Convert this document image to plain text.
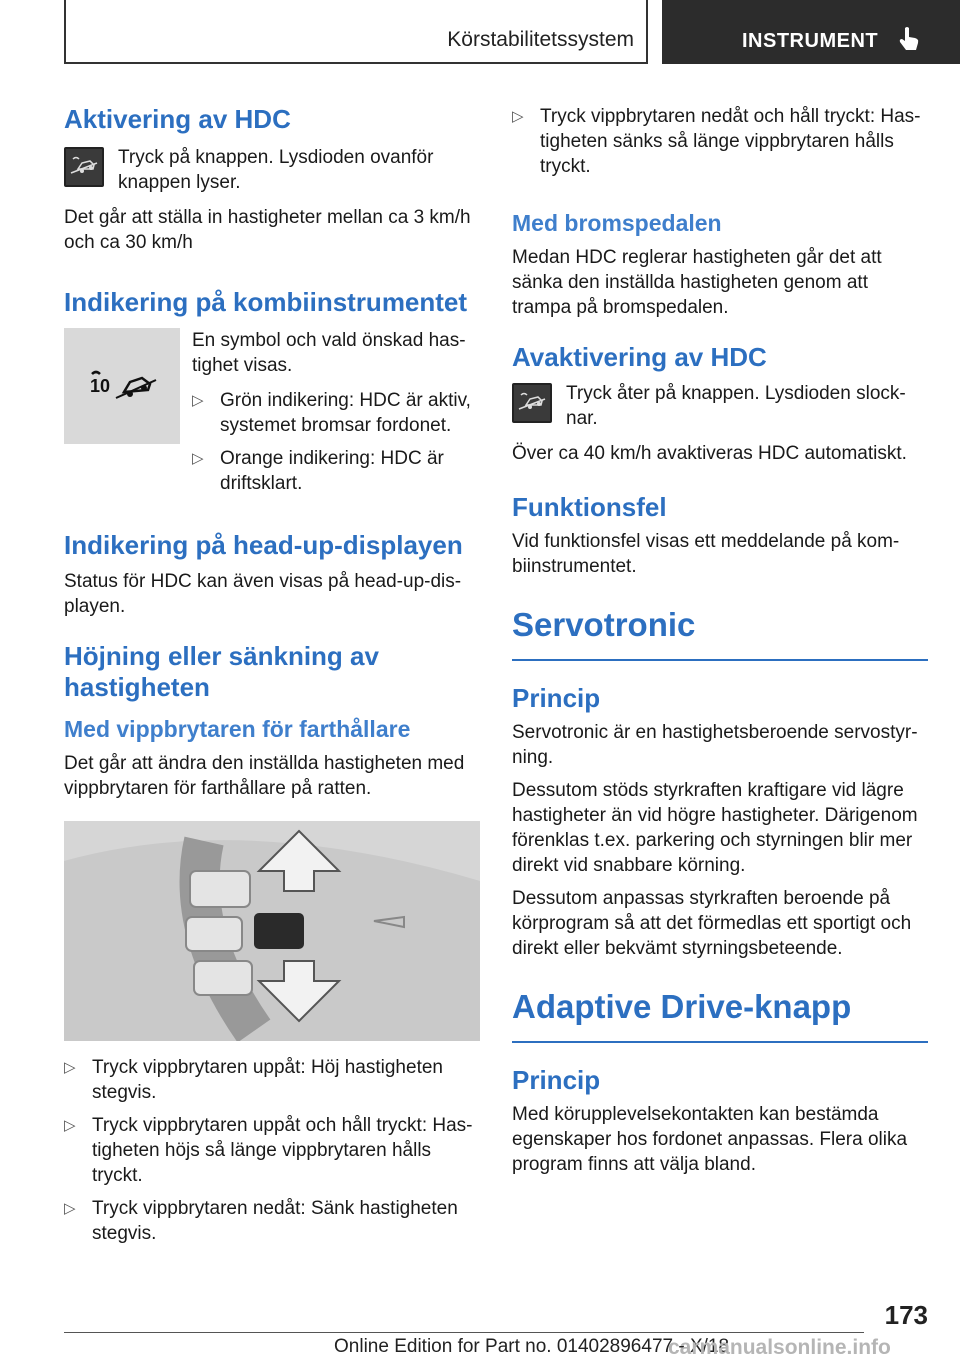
Körstabilitetssystem	INSTRUMENT
Aktivering av HDC

Tryck på knappen. Lysdioden ovanför knappen lyser.

Det går att ställa in hastigheter mellan ca 3 km/h och ca 30 km/h

Indikering på kombiinstrumentet
10

En symbol och vald önskad has‐tighet visas.

▷ Grön indikering: HDC är aktiv, systemet bromsar fordonet.
▷ Orange indikering: HDC är driftsklart.
Indikering på head-up-displayen

Status för HDC kan även visas på head-up-dis‐playen.

Höjning eller sänkning av hastigheten
Med vippbrytaren för farthållare

Det går att ändra den inställda hastigheten med vippbrytaren för farthållare på ratten.

▷ Tryck vippbrytaren uppåt: Höj hastigheten stegvis.
▷ Tryck vippbrytaren uppåt och håll tryckt: Has‐tigheten höjs så länge vippbrytaren hålls tryckt.
▷ Tryck vippbrytaren nedåt: Sänk hastigheten stegvis.
▷ Tryck vippbrytaren nedåt och håll tryckt: Has‐tigheten sänks så länge vippbrytaren hålls tryckt.
Med bromspedalen

Medan HDC reglerar hastigheten går det att sänka den inställda hastigheten genom att trampa på bromspedalen.

Avaktivering av HDC

Tryck åter på knappen. Lysdioden slock‐nar.

Över ca 40 km/h avaktiveras HDC automatiskt.

Funktionsfel

Vid funktionsfel visas ett meddelande på kom‐biinstrumentet.

Servotronic
Princip

Servotronic är en hastighetsberoende servostyr‐ning.

Dessutom stöds styrkraften kraftigare vid lägre hastigheter än vid högre hastigheter. Därigenom förenklas t.ex. parkering och styrningen blir mer direkt vid snabbare körning.

Dessutom anpassas styrkraften beroende på körprogram så att det förmedlas ett sportigt och direkt eller bekvämt styrningsbeteende.

Adaptive Drive-knapp
Princip

Med körupplevelsekontakten kan bestämda egenskaper hos fordonet anpassas. Flera olika program finns att välja bland.

173
Online Edition for Part no. 01402896477 - X/18
carmanualsonline.info
